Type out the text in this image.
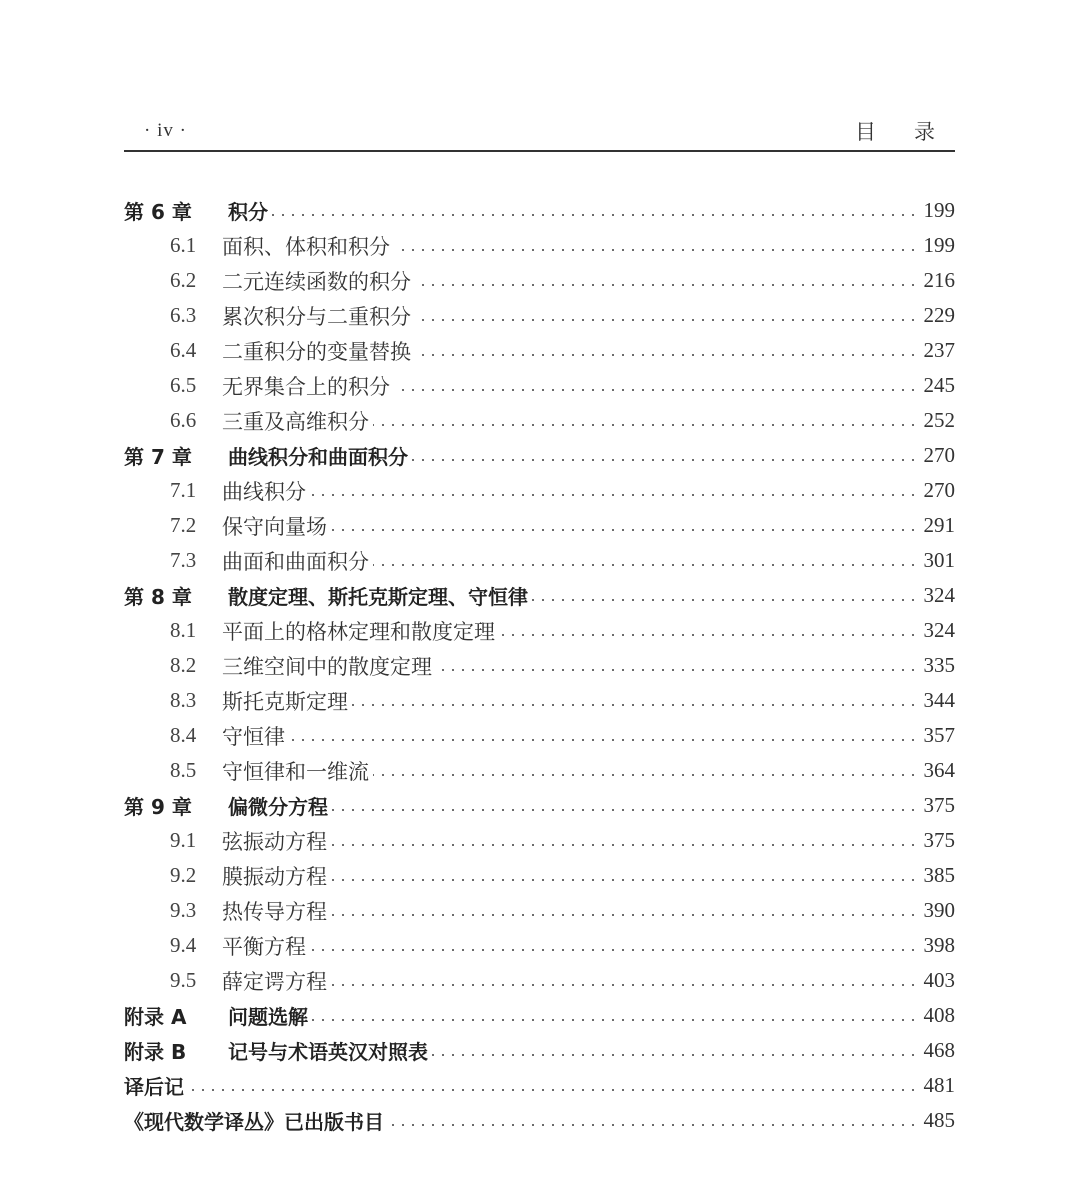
· iv ·	目录
第 6 章	积分	199
6.1	面积、体积和积分	199
6.2	二元连续函数的积分	216
6.3	累次积分与二重积分	229
6.4	二重积分的变量替换	237
6.5	无界集合上的积分	245
6.6	三重及高维积分	252
第 7 章	曲线积分和曲面积分	270
7.1	曲线积分	270
7.2	保守向量场	291
7.3	曲面和曲面积分	301
第 8 章	散度定理、斯托克斯定理、守恒律	324
8.1	平面上的格林定理和散度定理	324
8.2	三维空间中的散度定理	335
8.3	斯托克斯定理	344
8.4	守恒律	357
8.5	守恒律和一维流	364
第 9 章	偏微分方程	375
9.1	弦振动方程	375
9.2	膜振动方程	385
9.3	热传导方程	390
9.4	平衡方程	398
9.5	薛定谔方程	403
附录 A	问题选解	408
附录 B	记号与术语英汉对照表	468
译后记	481
《现代数学译丛》已出版书目	485
